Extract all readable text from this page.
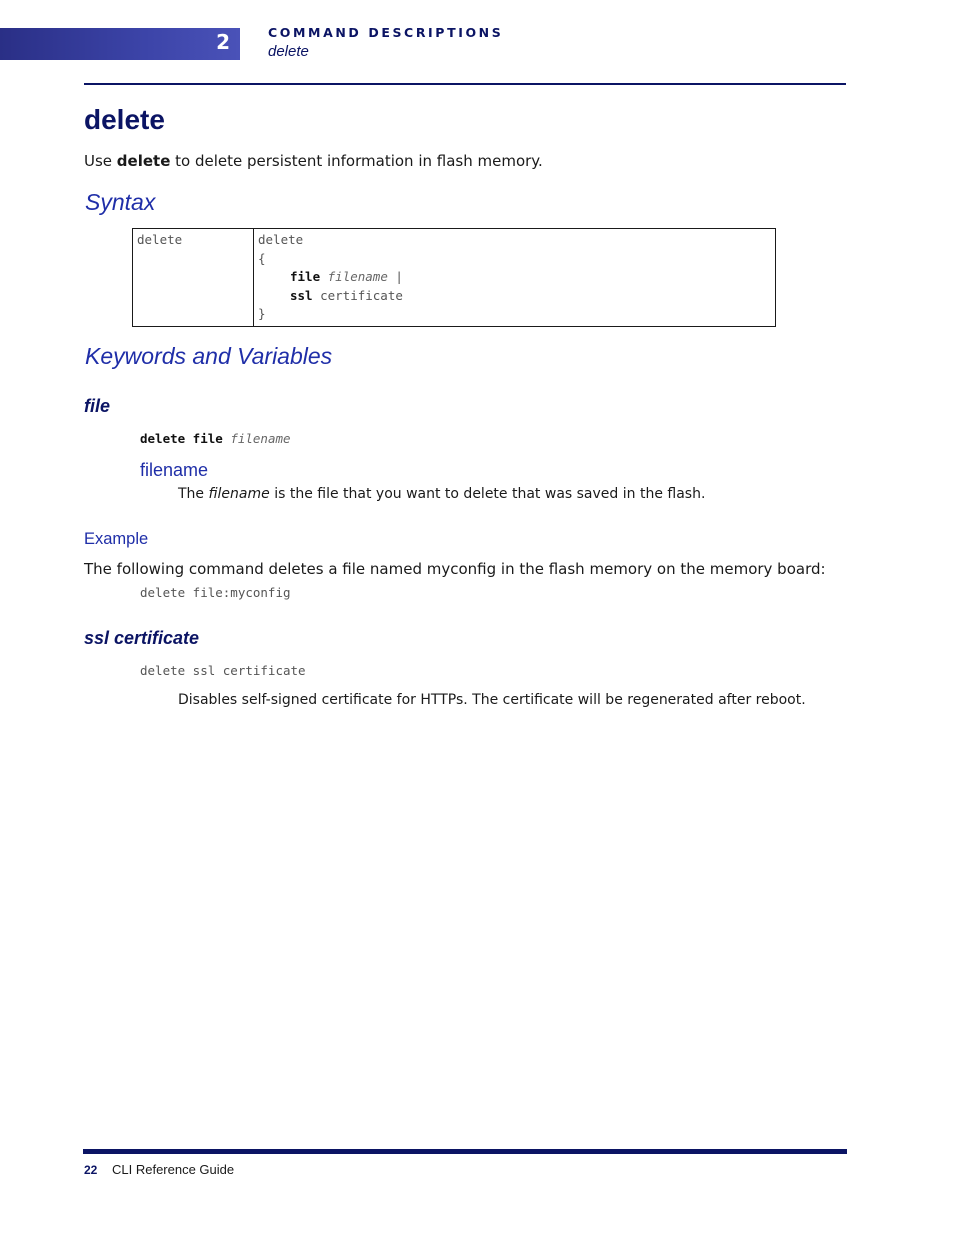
2	COMMAND DESCRIPTIONS
delete
delete
Use delete to delete persistent information in flash memory.
Syntax
delete	delete
{
file filename |
ssl certificate
}
Keywords and Variables
file
delete file filename
filename
The filename is the file that you want to delete that was saved in the flash.
Example
The following command deletes a file named myconfig in the flash memory on the memory board:
delete file:myconfig
ssl certificate
delete ssl certificate
Disables self-signed certificate for HTTPs. The certificate will be regenerated after reboot.
22 CLI Reference Guide
